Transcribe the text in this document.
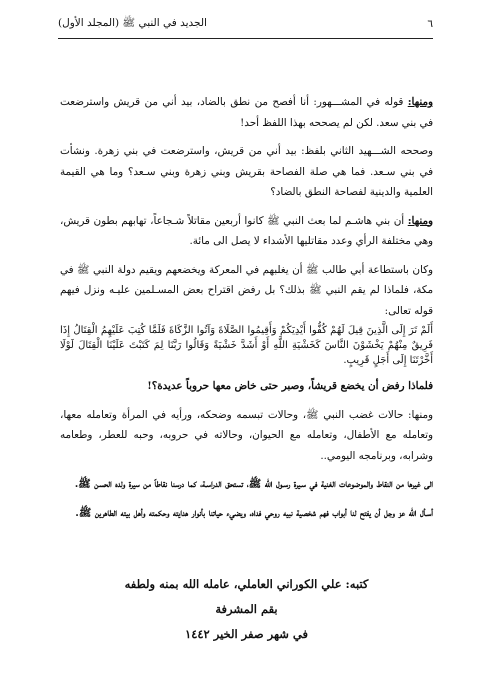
٦
الجديد في النبي ﷺ (المجلد الأول)

ومنها: قوله في المشـــهور: أنا أفصح من نطق بالضاد، بيد أني من قريش واسترضعت في بني سعد. لكن لم يصححه بهذا اللفظ أحد!

وصححه الشـــهيد الثاني بلفظ: بيد أني من قريش، واسترضعت في بني زهرة. ونشأت في بني سـعد. فما هي صلة الفصاحة بقريش وبني زهرة وبني سـعد؟ وما هي القيمة العلمية والدينية لفصاحة النطق بالضاد؟

ومنها: أن بني هاشـم لما بعث النبي ﷺ كانوا أربعين مقاتلاً شـجاعاً، تهابهم بطون قريش، وهي مختلفة الرأي وعدد مقاتليها الأشداء لا يصل الى مائة.

وكان باستطاعة أبي طالب ﷺ أن يغلبهم في المعركة ويخضعهم ويقيم دولة النبي ﷺ في مكة، فلماذا لم يقم النبي ﷺ بذلك؟ بل رفض اقتراح بعض المسـلمين عليـه ونزل فيهم قوله تعالى:

أَلَمْ تَرَ إِلَى الَّذِينَ قِيلَ لَهُمْ كُفُّوا أَيْدِيَكُمْ وَأَقِيمُوا الصَّلَاةَ وَآتُوا الزَّكَاةَ فَلَمَّا كُتِبَ عَلَيْهِمُ الْقِتَالُ إِذَا فَرِيقٌ مِنْهُمْ يَخْشَوْنَ النَّاسَ كَخَشْيَةِ اللَّهِ أَوْ أَشَدَّ خَشْيَةً وَقَالُوا رَبَّنَا لِمَ كَتَبْتَ عَلَيْنَا الْقِتَالَ لَوْلَا أَخَّرْتَنَا إِلَى أَجَلٍ قَرِيبٍ.

فلماذا رفض أن يخضع قريشاً، وصبر حتى خاض معها حروباً عديدة؟!

ومنها: حالات غضب النبي ﷺ، وحالات تبسمه وضحكه، ورأيه في المرأة وتعامله معها، وتعامله مع الأطفال، وتعامله مع الحيوان، وحالاته في حروبه، وحبه للعطر، وطعامه وشرابه، وبرنامجه اليومي..

الى غيرها من النقاط والموضوعات الغنية في سـيرة رسـول الله ﷺ، تستحق الدراسـة، كما درسنا نقاطاً من سيرة ولده الحسن ﷺ.

أسـأل الله عز وجل أن يفتح لنا أبواب فهم شخصية نبيه روحي فداه، ويضيء حياتنا بأنوار هدايته وحكمته وأهل بيته الطاهرين ﷺ.

كتبه: علي الكوراني العاملي، عامله الله بمنه ولطفه
بقم المشرفة
في شهر صفر الخير ١٤٤٢
